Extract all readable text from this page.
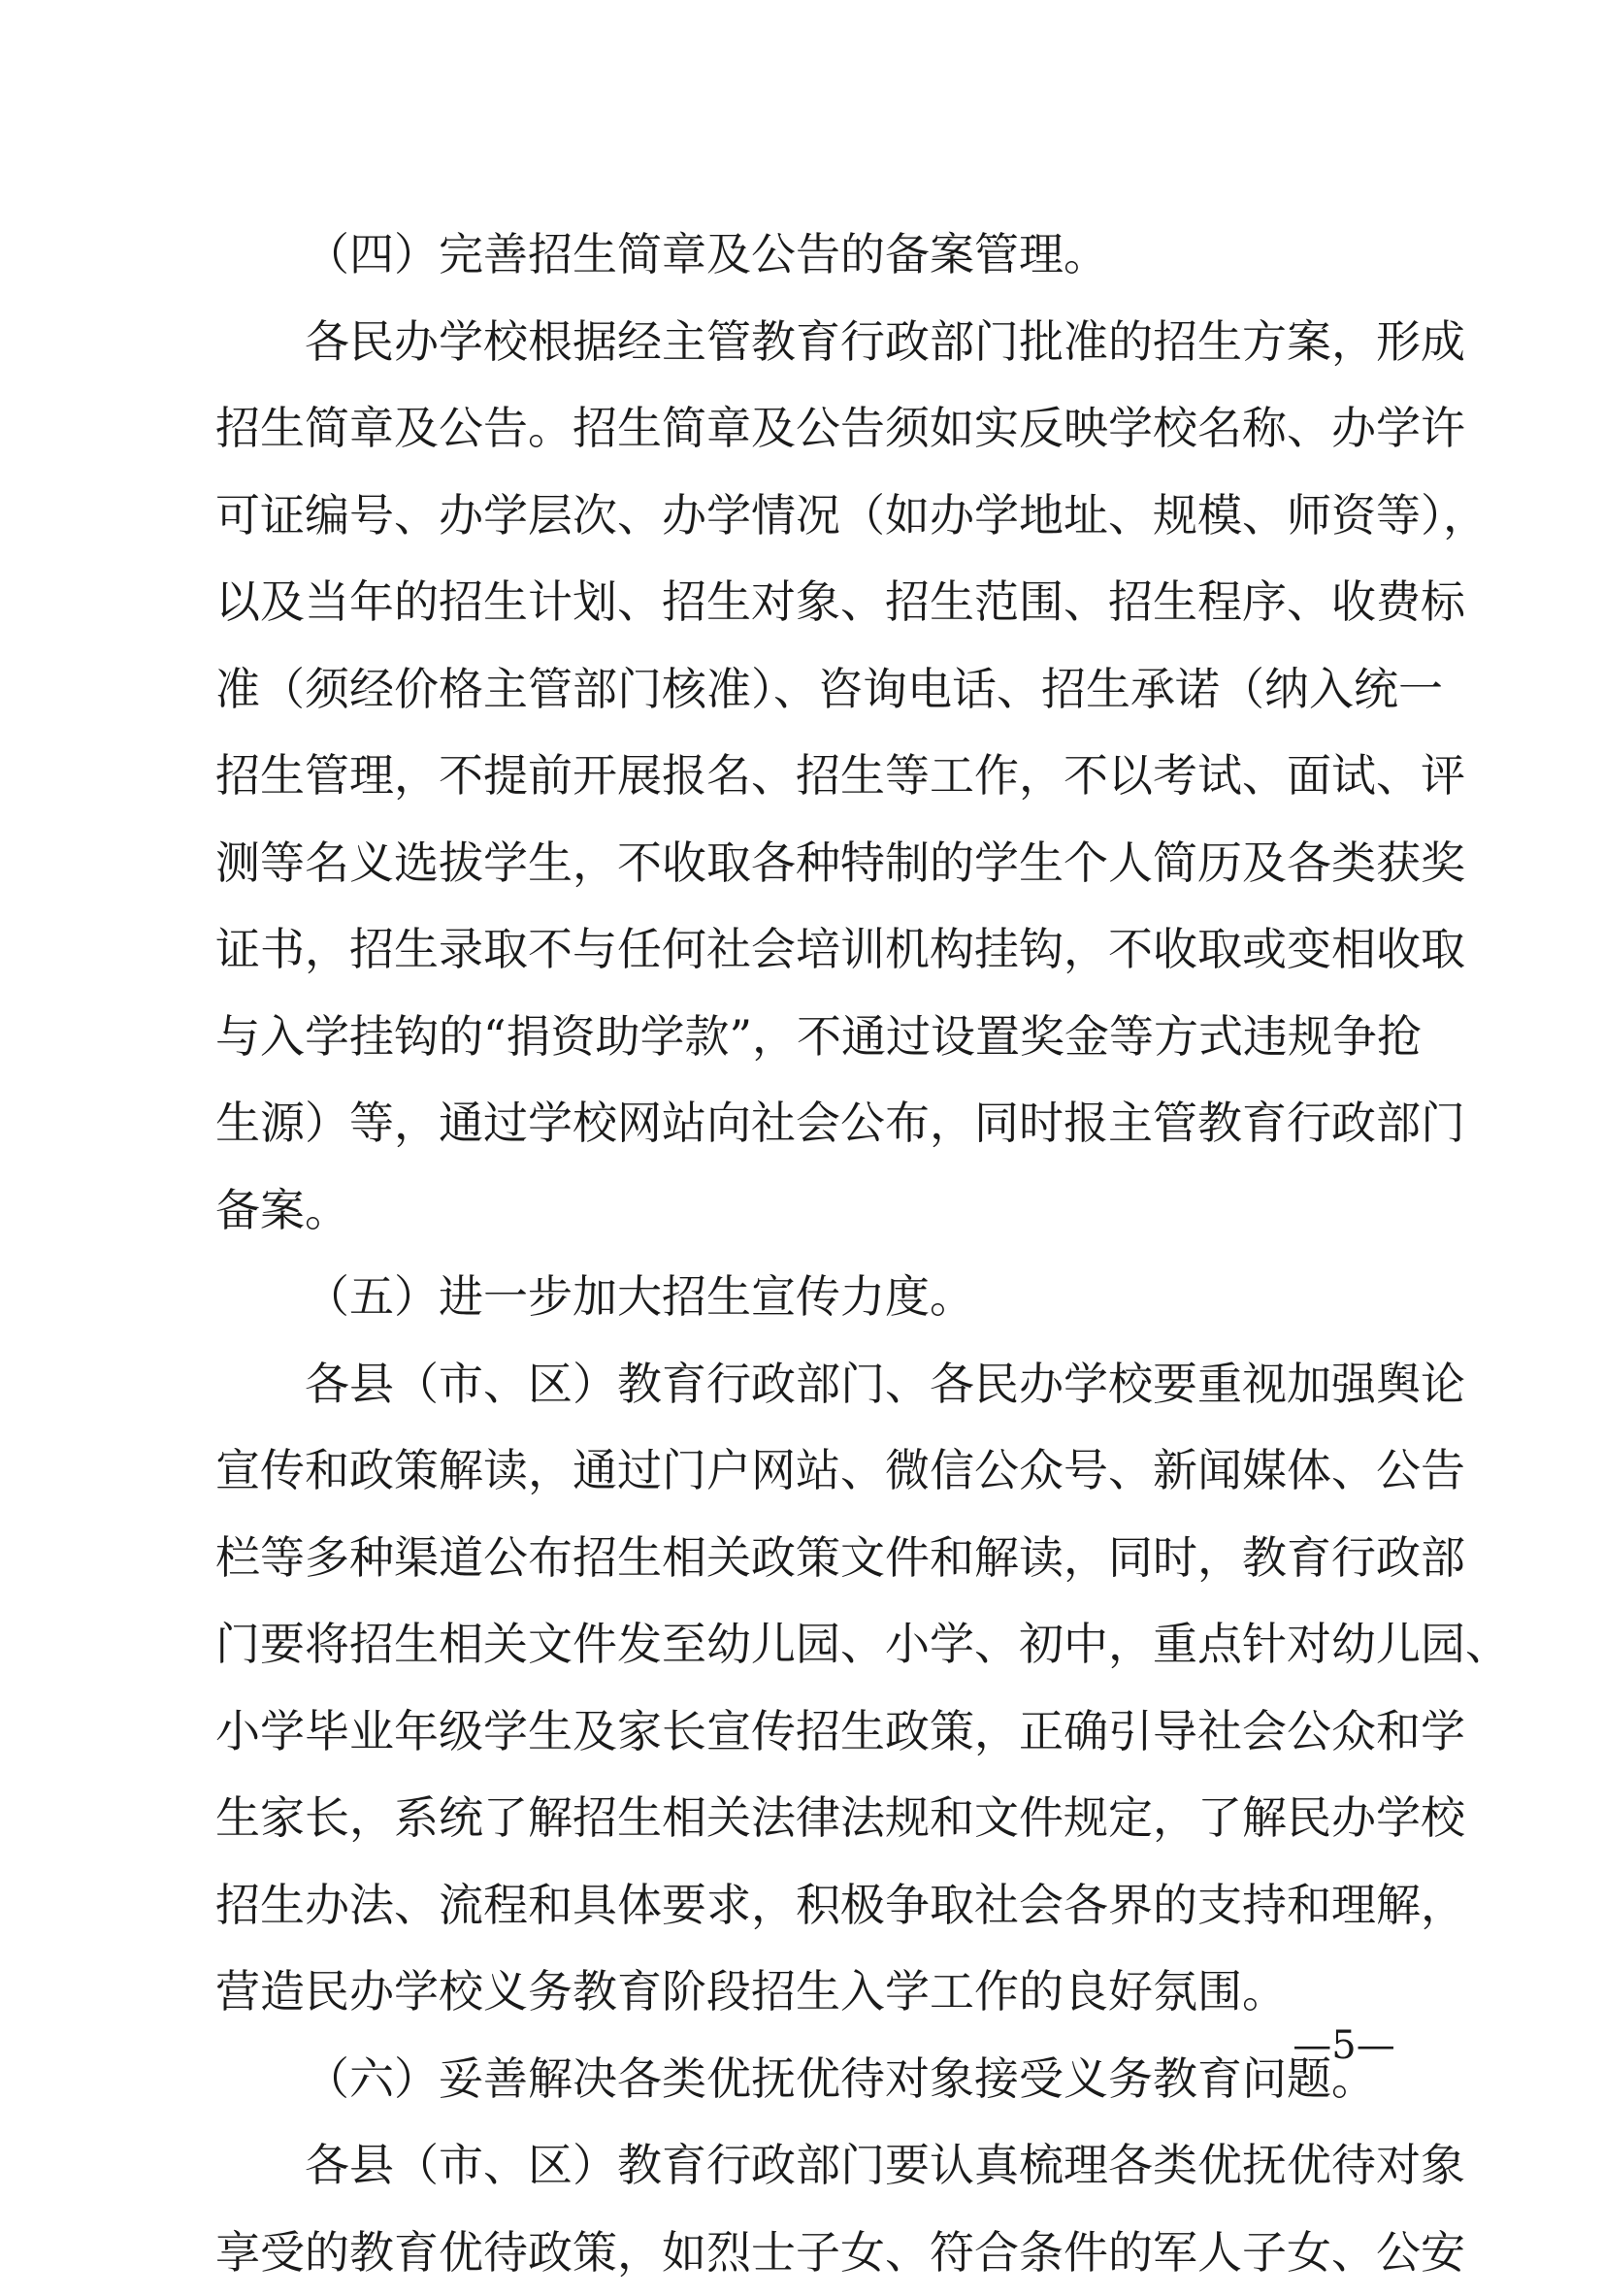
（四）完善招生简章及公告的备案管理。
各民办学校根据经主管教育行政部门批准的招生方案，形成
招生简章及公告。招生简章及公告须如实反映学校名称、办学许
可证编号、办学层次、办学情况（如办学地址、规模、师资等），
以及当年的招生计划、招生对象、招生范围、招生程序、收费标
准（须经价格主管部门核准）、咨询电话、招生承诺（纳入统一
招生管理，不提前开展报名、招生等工作，不以考试、面试、评
测等名义选拔学生，不收取各种特制的学生个人简历及各类获奖
证书，招生录取不与任何社会培训机构挂钩，不收取或变相收取
与入学挂钩的“捐资助学款”，不通过设置奖金等方式违规争抢
生源）等，通过学校网站向社会公布，同时报主管教育行政部门
备案。
（五）进一步加大招生宣传力度。
各县（市、区）教育行政部门、各民办学校要重视加强舆论
宣传和政策解读，通过门户网站、微信公众号、新闻媒体、公告
栏等多种渠道公布招生相关政策文件和解读，同时，教育行政部
门要将招生相关文件发至幼儿园、小学、初中，重点针对幼儿园、
小学毕业年级学生及家长宣传招生政策，正确引导社会公众和学
生家长，系统了解招生相关法律法规和文件规定，了解民办学校
招生办法、流程和具体要求，积极争取社会各界的支持和理解，
营造民办学校义务教育阶段招生入学工作的良好氛围。
（六）妥善解决各类优抚优待对象接受义务教育问题。
各县（市、区）教育行政部门要认真梳理各类优抚优待对象
享受的教育优待政策，如烈士子女、符合条件的军人子女、公安
—5—
